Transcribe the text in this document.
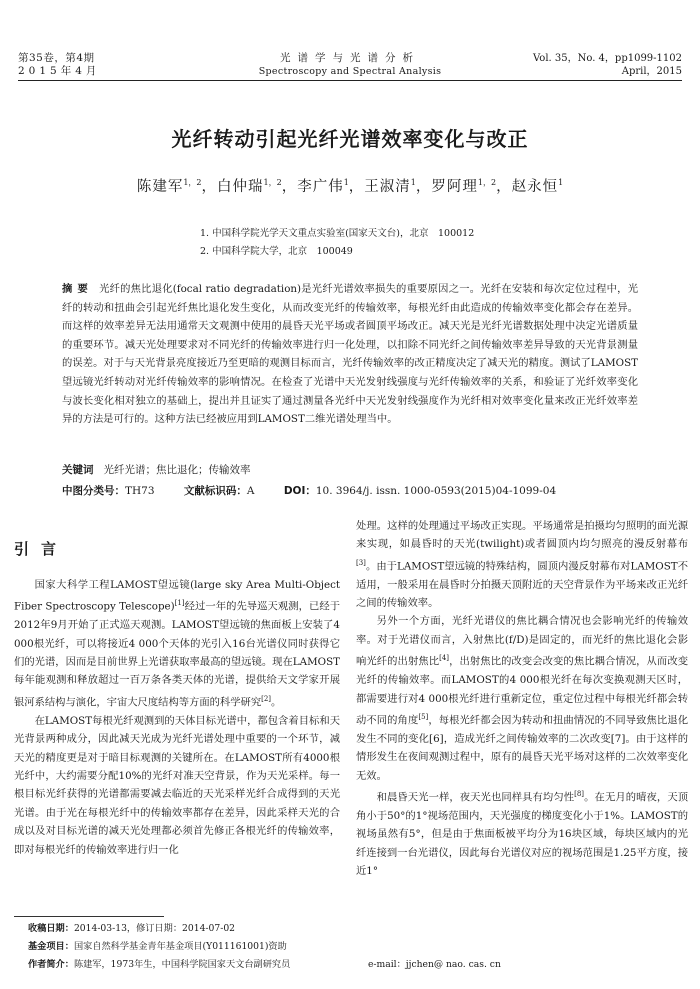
第35卷，第4期
2015年4月
光谱学与光谱分析
Spectroscopy and Spectral Analysis
Vol. 35，No. 4，pp1099-1102
April，2015
光纤转动引起光纤光谱效率变化与改正
陈建军$^{1,2}$，白仲瑞$^{1,2}$，李广伟$^1$，王淑清$^1$，罗阿理$^{1,2}$，赵永恒$^1$
1. 中国科学院光学天文重点实验室(国家天文台)，北京　100012
2. 中国科学院大学，北京　100049
摘要 光纤的焦比退化(focal ratio degradation)是光纤光谱效率损失的重要原因之一。光纤在安装和每次定位过程中，光纤的转动和扭曲会引起光纤焦比退化发生变化，从而改变光纤的传输效率，每根光纤由此造成的传输效率变化都会存在差异。而这样的效率差异无法用通常天文观测中使用的晨昏天光平场或者圆顶平场改正。减天光是光纤光谱数据处理中决定光谱质量的重要环节。减天光处理要求对不同光纤的传输效率进行归一化处理，以扣除不同光纤之间传输效率差异导致的天光背景测量的误差。对于与天光背景亮度接近乃至更暗的观测目标而言，光纤传输效率的改正精度决定了减天光的精度。测试了LAMOST望远镜光纤转动对光纤传输效率的影响情况。在检查了光谱中天光发射线强度与光纤传输效率的关系，和验证了光纤效率变化与波长变化相对独立的基础上，提出并且证实了通过测量各光纤中天光发射线强度作为光纤相对效率变化量来改正光纤效率差异的方法是可行的。这种方法已经被应用到LAMOST二维光谱处理当中。
关键词 光纤光谱；焦比退化；传输效率
中图分类号：TH73	文献标识码：A	DOI：10. 3964/j. issn. 1000-0593(2015)04-1099-04
引言

国家大科学工程LAMOST望远镜(large sky Area Multi-Object Fiber Spectroscopy Telescope)[1]经过一年的先导巡天观测，已经于2012年9月开始了正式巡天观测。LAMOST望远镜的焦面板上安装了4 000根光纤，可以将接近4 000个天体的光引入16台光谱仪同时获得它们的光谱，因而是目前世界上光谱获取率最高的望远镜。现在LAMOST每年能观测和释放超过一百万条各类天体的光谱，提供给天文学家开展银河系结构与演化，宇宙大尺度结构等方面的科学研究[2]。

在LAMOST每根光纤观测到的天体目标光谱中，都包含着目标和天光背景两种成分，因此减天光成为光纤光谱处理中重要的一个环节，减天光的精度更是对于暗目标观测的关键所在。在LAMOST所有4000根光纤中，大约需要分配10%的光纤对准天空背景，作为天光采样。每一根目标光纤获得的光谱都需要减去临近的天光采样光纤合成得到的天光光谱。由于光在每根光纤中的传输效率都存在差异，因此采样天光的合成以及对目标光谱的减天光处理都必须首先修正各根光纤的传输效率，即对每根光纤的传输效率进行归一化

处理。这样的处理通过平场改正实现。平场通常是拍摄均匀照明的面光源来实现，如晨昏时的天光(twilight)或者圆顶内均匀照亮的漫反射幕布[3]。由于LAMOST望远镜的特殊结构，圆顶内漫反射幕布对LAMOST不适用，一般采用在晨昏时分拍摄天顶附近的天空背景作为平场来改正光纤之间的传输效率。

另外一个方面，光纤光谱仪的焦比耦合情况也会影响光纤的传输效率。对于光谱仪而言，入射焦比(f/D)是固定的，而光纤的焦比退化会影响光纤的出射焦比[4]，出射焦比的改变会改变的焦比耦合情况，从而改变光纤的传输效率。而LAMOST的4 000根光纤在每次变换观测天区时，都需要进行对4 000根光纤进行重新定位，重定位过程中每根光纤都会转动不同的角度[5]，每根光纤都会因为转动和扭曲情况的不同导致焦比退化发生不同的变化[6]，造成光纤之间传输效率的二次改变[7]。由于这样的情形发生在夜间观测过程中，原有的晨昏天光平场对这样的二次效率变化无效。

和晨昏天光一样，夜天光也同样具有均匀性[8]。在无月的晴夜，天顶角小于50°的1°视场范围内，天光强度的梯度变化小于1%。LAMOST的视场虽然有5°，但是由于焦面板被平均分为16块区域，每块区域内的光纤连接到一台光谱仪，因此每台光谱仪对应的视场范围是1.25平方度，接近1°

收稿日期：2014-03-13，修订日期：2014-07-02
基金项目：国家自然科学基金青年基金项目(Y011161001)资助
作者简介：陈建军，1973年生，中国科学院国家天文台副研究员	e-mail：jjchen@ nao. cas. cn
